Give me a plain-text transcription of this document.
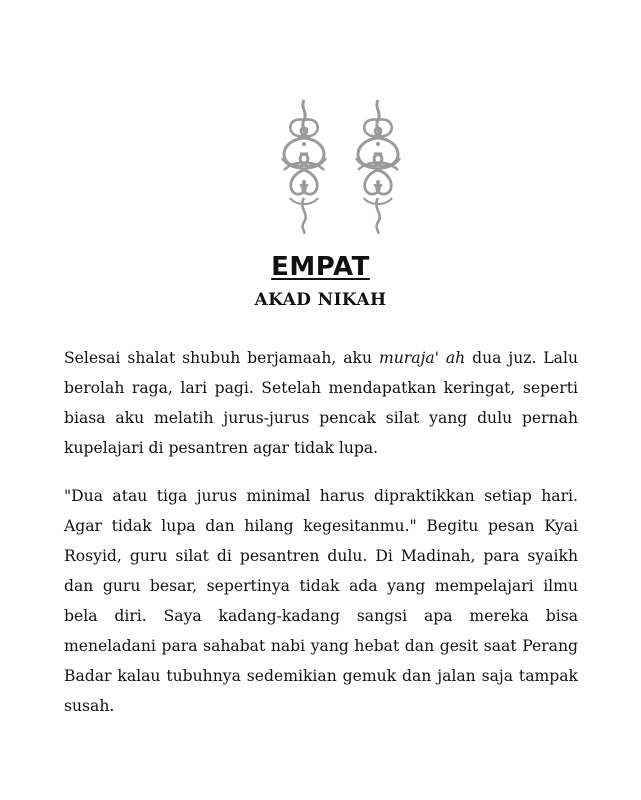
EMPAT
AKAD NIKAH

Selesai shalat shubuh berjamaah, aku muraja' ah dua juz. Lalu berolah raga, lari pagi. Setelah mendapatkan keringat, seperti biasa aku melatih jurus-jurus pencak silat yang dulu pernah kupelajari di pesantren agar tidak lupa.

"Dua atau tiga jurus minimal harus dipraktikkan setiap hari. Agar tidak lupa dan hilang kegesitanmu." Begitu pesan Kyai Rosyid, guru silat di pesantren dulu. Di Madinah, para syaikh dan guru besar, sepertinya tidak ada yang mempelajari ilmu bela diri. Saya kadang-kadang sangsi apa mereka bisa meneladani para sahabat nabi yang hebat dan gesit saat Perang Badar kalau tubuhnya sedemikian gemuk dan jalan saja tampak susah.
